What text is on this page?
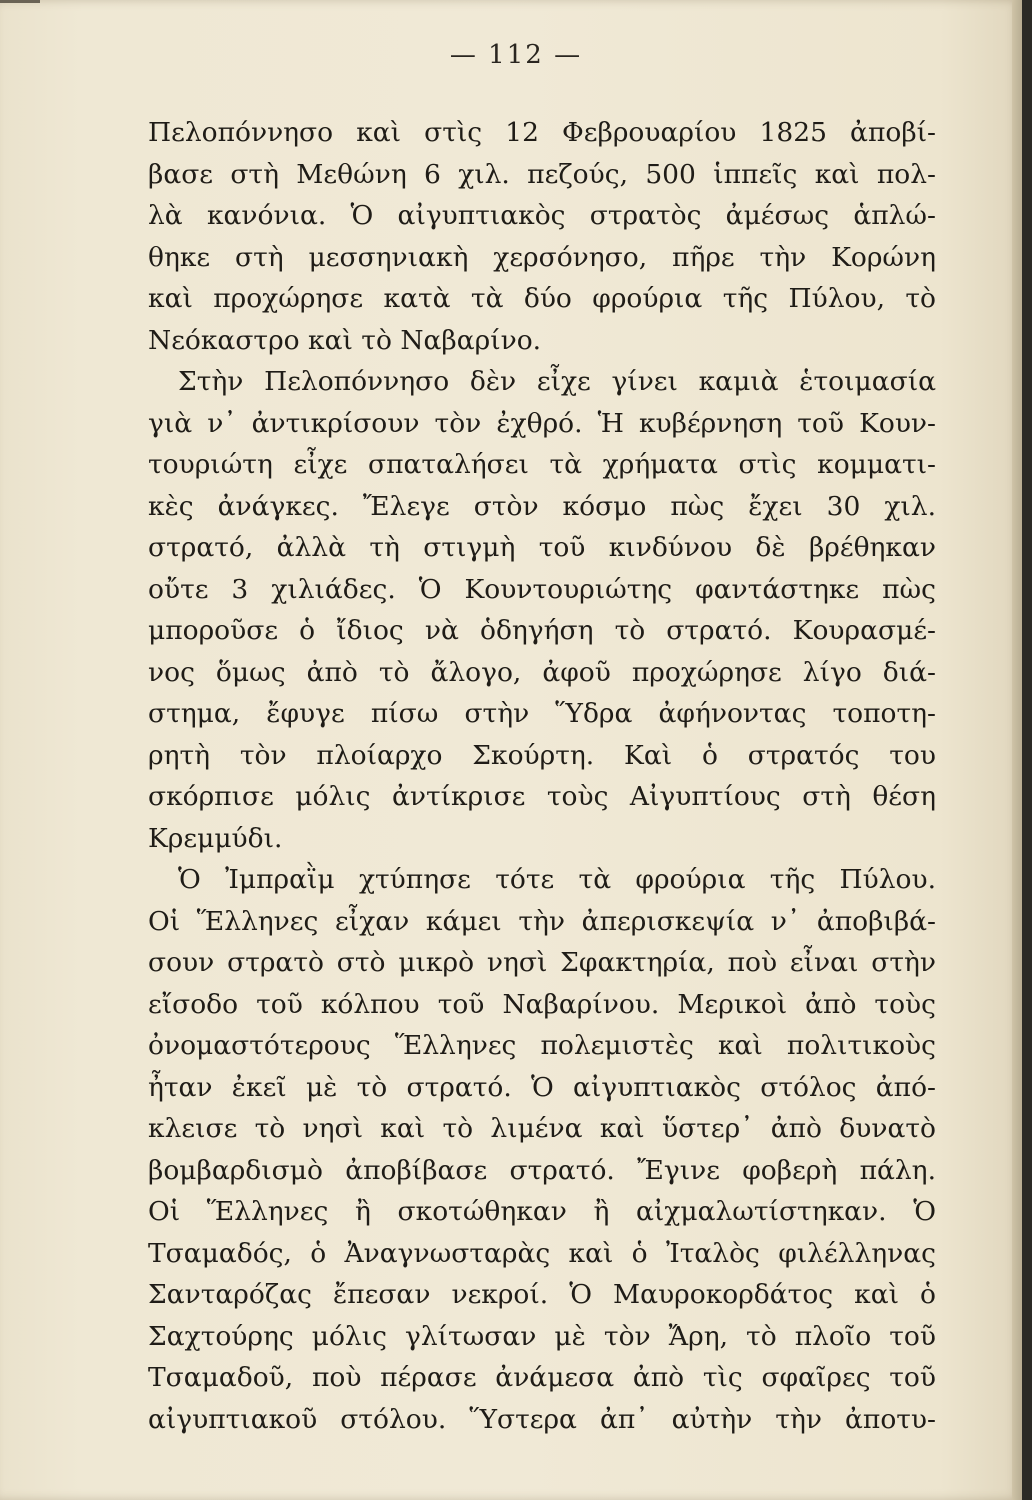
— 112 —
Πελοπόννησο καὶ στὶς 12 Φεβρουαρίου 1825 ἀποβί-
βασε στὴ Μεθώνη 6 χιλ. πεζούς, 500 ἱππεῖς καὶ πολ-
λὰ κανόνια. Ὁ αἰγυπτιακὸς στρατὸς ἀμέσως ἁπλώ-
θηκε στὴ μεσσηνιακὴ χερσόνησο, πῆρε τὴν Κορώνη
καὶ προχώρησε κατὰ τὰ δύο φρούρια τῆς Πύλου, τὸ
Νεόκαστρο καὶ τὸ Ναβαρίνο.
Στὴν Πελοπόννησο δὲν εἶχε γίνει καμιὰ ἑτοιμασία
γιὰ ν᾽ ἀντικρίσουν τὸν ἐχθρό. Ἡ κυβέρνηση τοῦ Κουν-
τουριώτη εἶχε σπαταλήσει τὰ χρήματα στὶς κομματι-
κὲς ἀνάγκες. Ἔλεγε στὸν κόσμο πὼς ἔχει 30 χιλ.
στρατό, ἀλλὰ τὴ στιγμὴ τοῦ κινδύνου δὲ βρέθηκαν
οὔτε 3 χιλιάδες. Ὁ Κουντουριώτης φαντάστηκε πὼς
μποροῦσε ὁ ἴδιος νὰ ὁδηγήση τὸ στρατό. Κουρασμέ-
νος ὅμως ἀπὸ τὸ ἄλογο, ἀφοῦ προχώρησε λίγο διά-
στημα, ἔφυγε πίσω στὴν Ὕδρα ἀφήνοντας τοποτη-
ρητὴ τὸν πλοίαρχο Σκούρτη. Καὶ ὁ στρατός του
σκόρπισε μόλις ἀντίκρισε τοὺς Αἰγυπτίους στὴ θέση
Κρεμμύδι.
Ὁ Ἰμπραῒμ χτύπησε τότε τὰ φρούρια τῆς Πύλου.
Οἱ Ἕλληνες εἶχαν κάμει τὴν ἀπερισκεψία ν᾽ ἀποβιβά-
σουν στρατὸ στὸ μικρὸ νησὶ Σφακτηρία, ποὺ εἶναι στὴν
εἴσοδο τοῦ κόλπου τοῦ Ναβαρίνου. Μερικοὶ ἀπὸ τοὺς
ὀνομαστότερους Ἕλληνες πολεμιστὲς καὶ πολιτικοὺς
ἦταν ἐκεῖ μὲ τὸ στρατό. Ὁ αἰγυπτιακὸς στόλος ἀπό-
κλεισε τὸ νησὶ καὶ τὸ λιμένα καὶ ὕστερ᾽ ἀπὸ δυνατὸ
βομβαρδισμὸ ἀποβίβασε στρατό. Ἔγινε φοβερὴ πάλη.
Οἱ Ἕλληνες ἢ σκοτώθηκαν ἢ αἰχμαλωτίστηκαν. Ὁ
Τσαμαδός, ὁ Ἀναγνωσταρὰς καὶ ὁ Ἰταλὸς φιλέλληνας
Σανταρόζας ἔπεσαν νεκροί. Ὁ Μαυροκορδάτος καὶ ὁ
Σαχτούρης μόλις γλίτωσαν μὲ τὸν Ἄρη, τὸ πλοῖο τοῦ
Τσαμαδοῦ, ποὺ πέρασε ἀνάμεσα ἀπὸ τὶς σφαῖρες τοῦ
αἰγυπτιακοῦ στόλου. Ὕστερα ἀπ᾽ αὐτὴν τὴν ἀποτυ-
